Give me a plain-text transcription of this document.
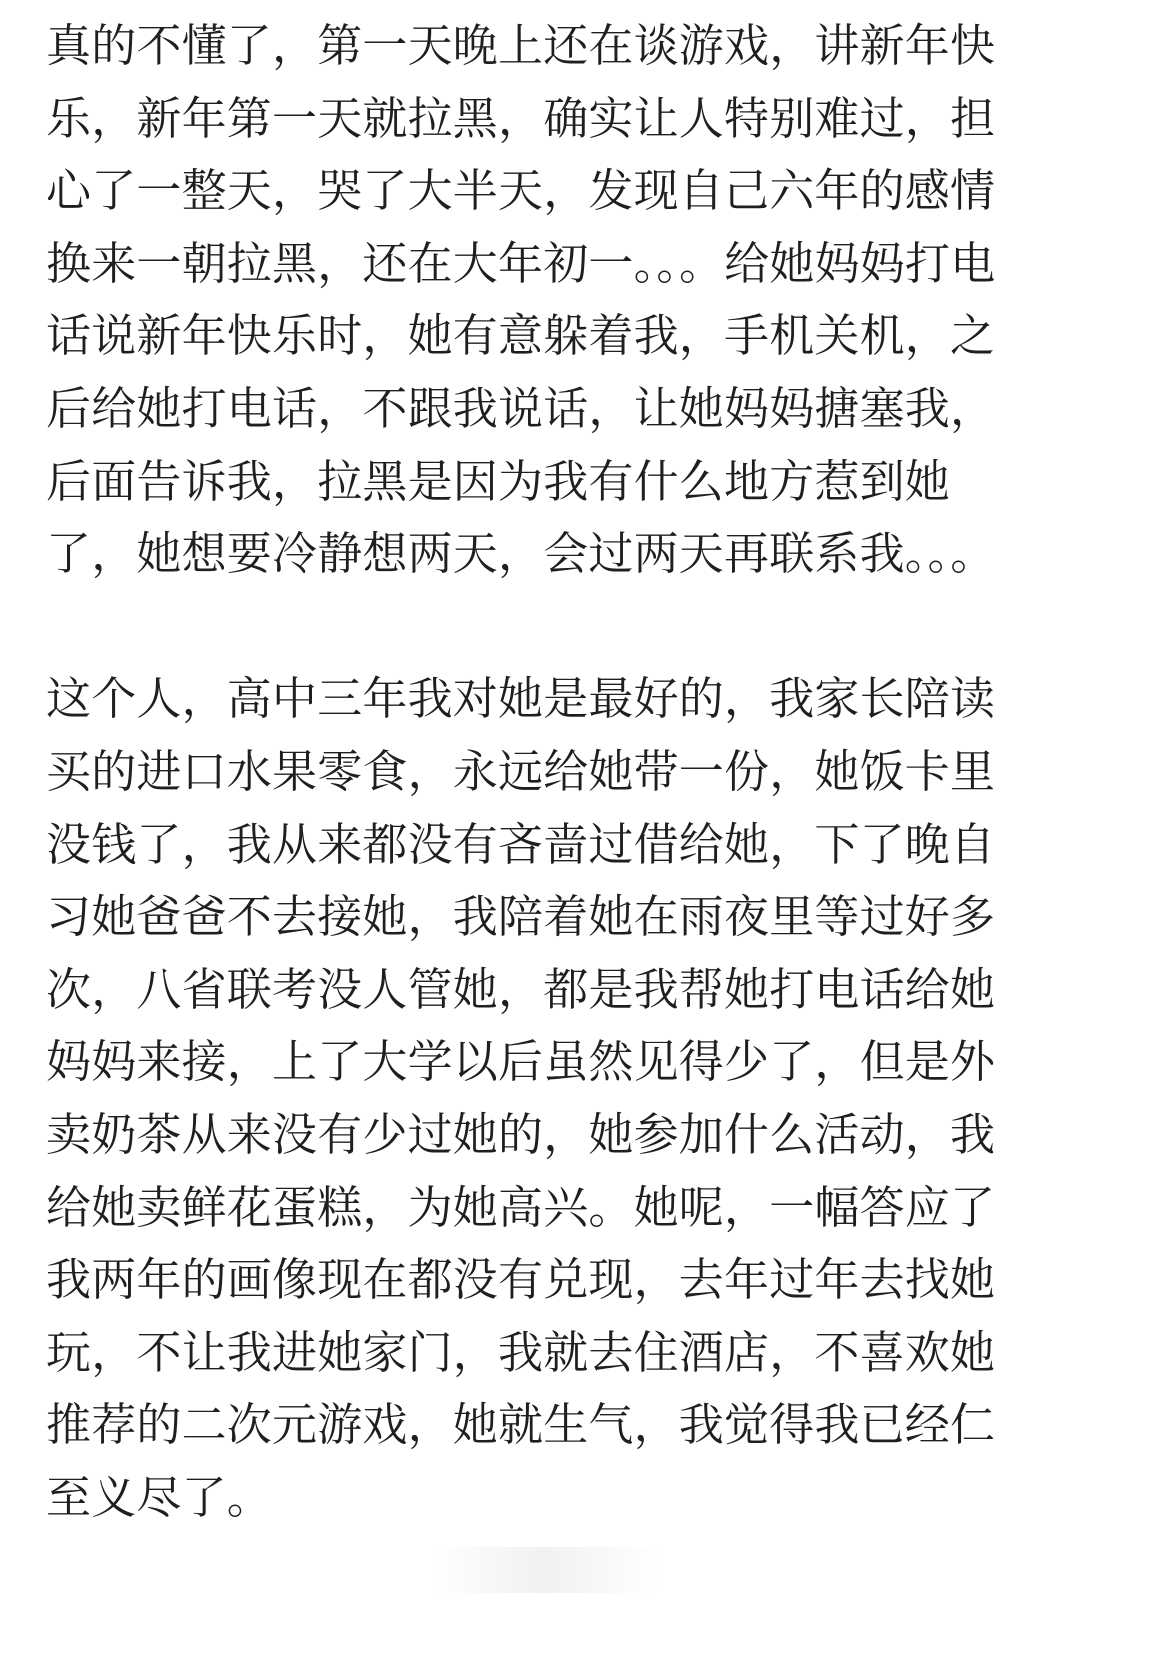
真的不懂了，第一天晚上还在谈游戏，讲新年快
乐，新年第一天就拉黑，确实让人特别难过，担
心了一整天，哭了大半天，发现自己六年的感情
换来一朝拉黑，还在大年初一。。。给她妈妈打电
话说新年快乐时，她有意躲着我，手机关机，之
后给她打电话，不跟我说话，让她妈妈搪塞我，
后面告诉我，拉黑是因为我有什么地方惹到她
了，她想要冷静想两天，会过两天再联系我。。。
这个人，高中三年我对她是最好的，我家长陪读
买的进口水果零食，永远给她带一份，她饭卡里
没钱了，我从来都没有吝啬过借给她，下了晚自
习她爸爸不去接她，我陪着她在雨夜里等过好多
次，八省联考没人管她，都是我帮她打电话给她
妈妈来接，上了大学以后虽然见得少了，但是外
卖奶茶从来没有少过她的，她参加什么活动，我
给她卖鲜花蛋糕，为她高兴。她呢，一幅答应了
我两年的画像现在都没有兑现，去年过年去找她
玩，不让我进她家门，我就去住酒店，不喜欢她
推荐的二次元游戏，她就生气，我觉得我已经仁
至义尽了。
